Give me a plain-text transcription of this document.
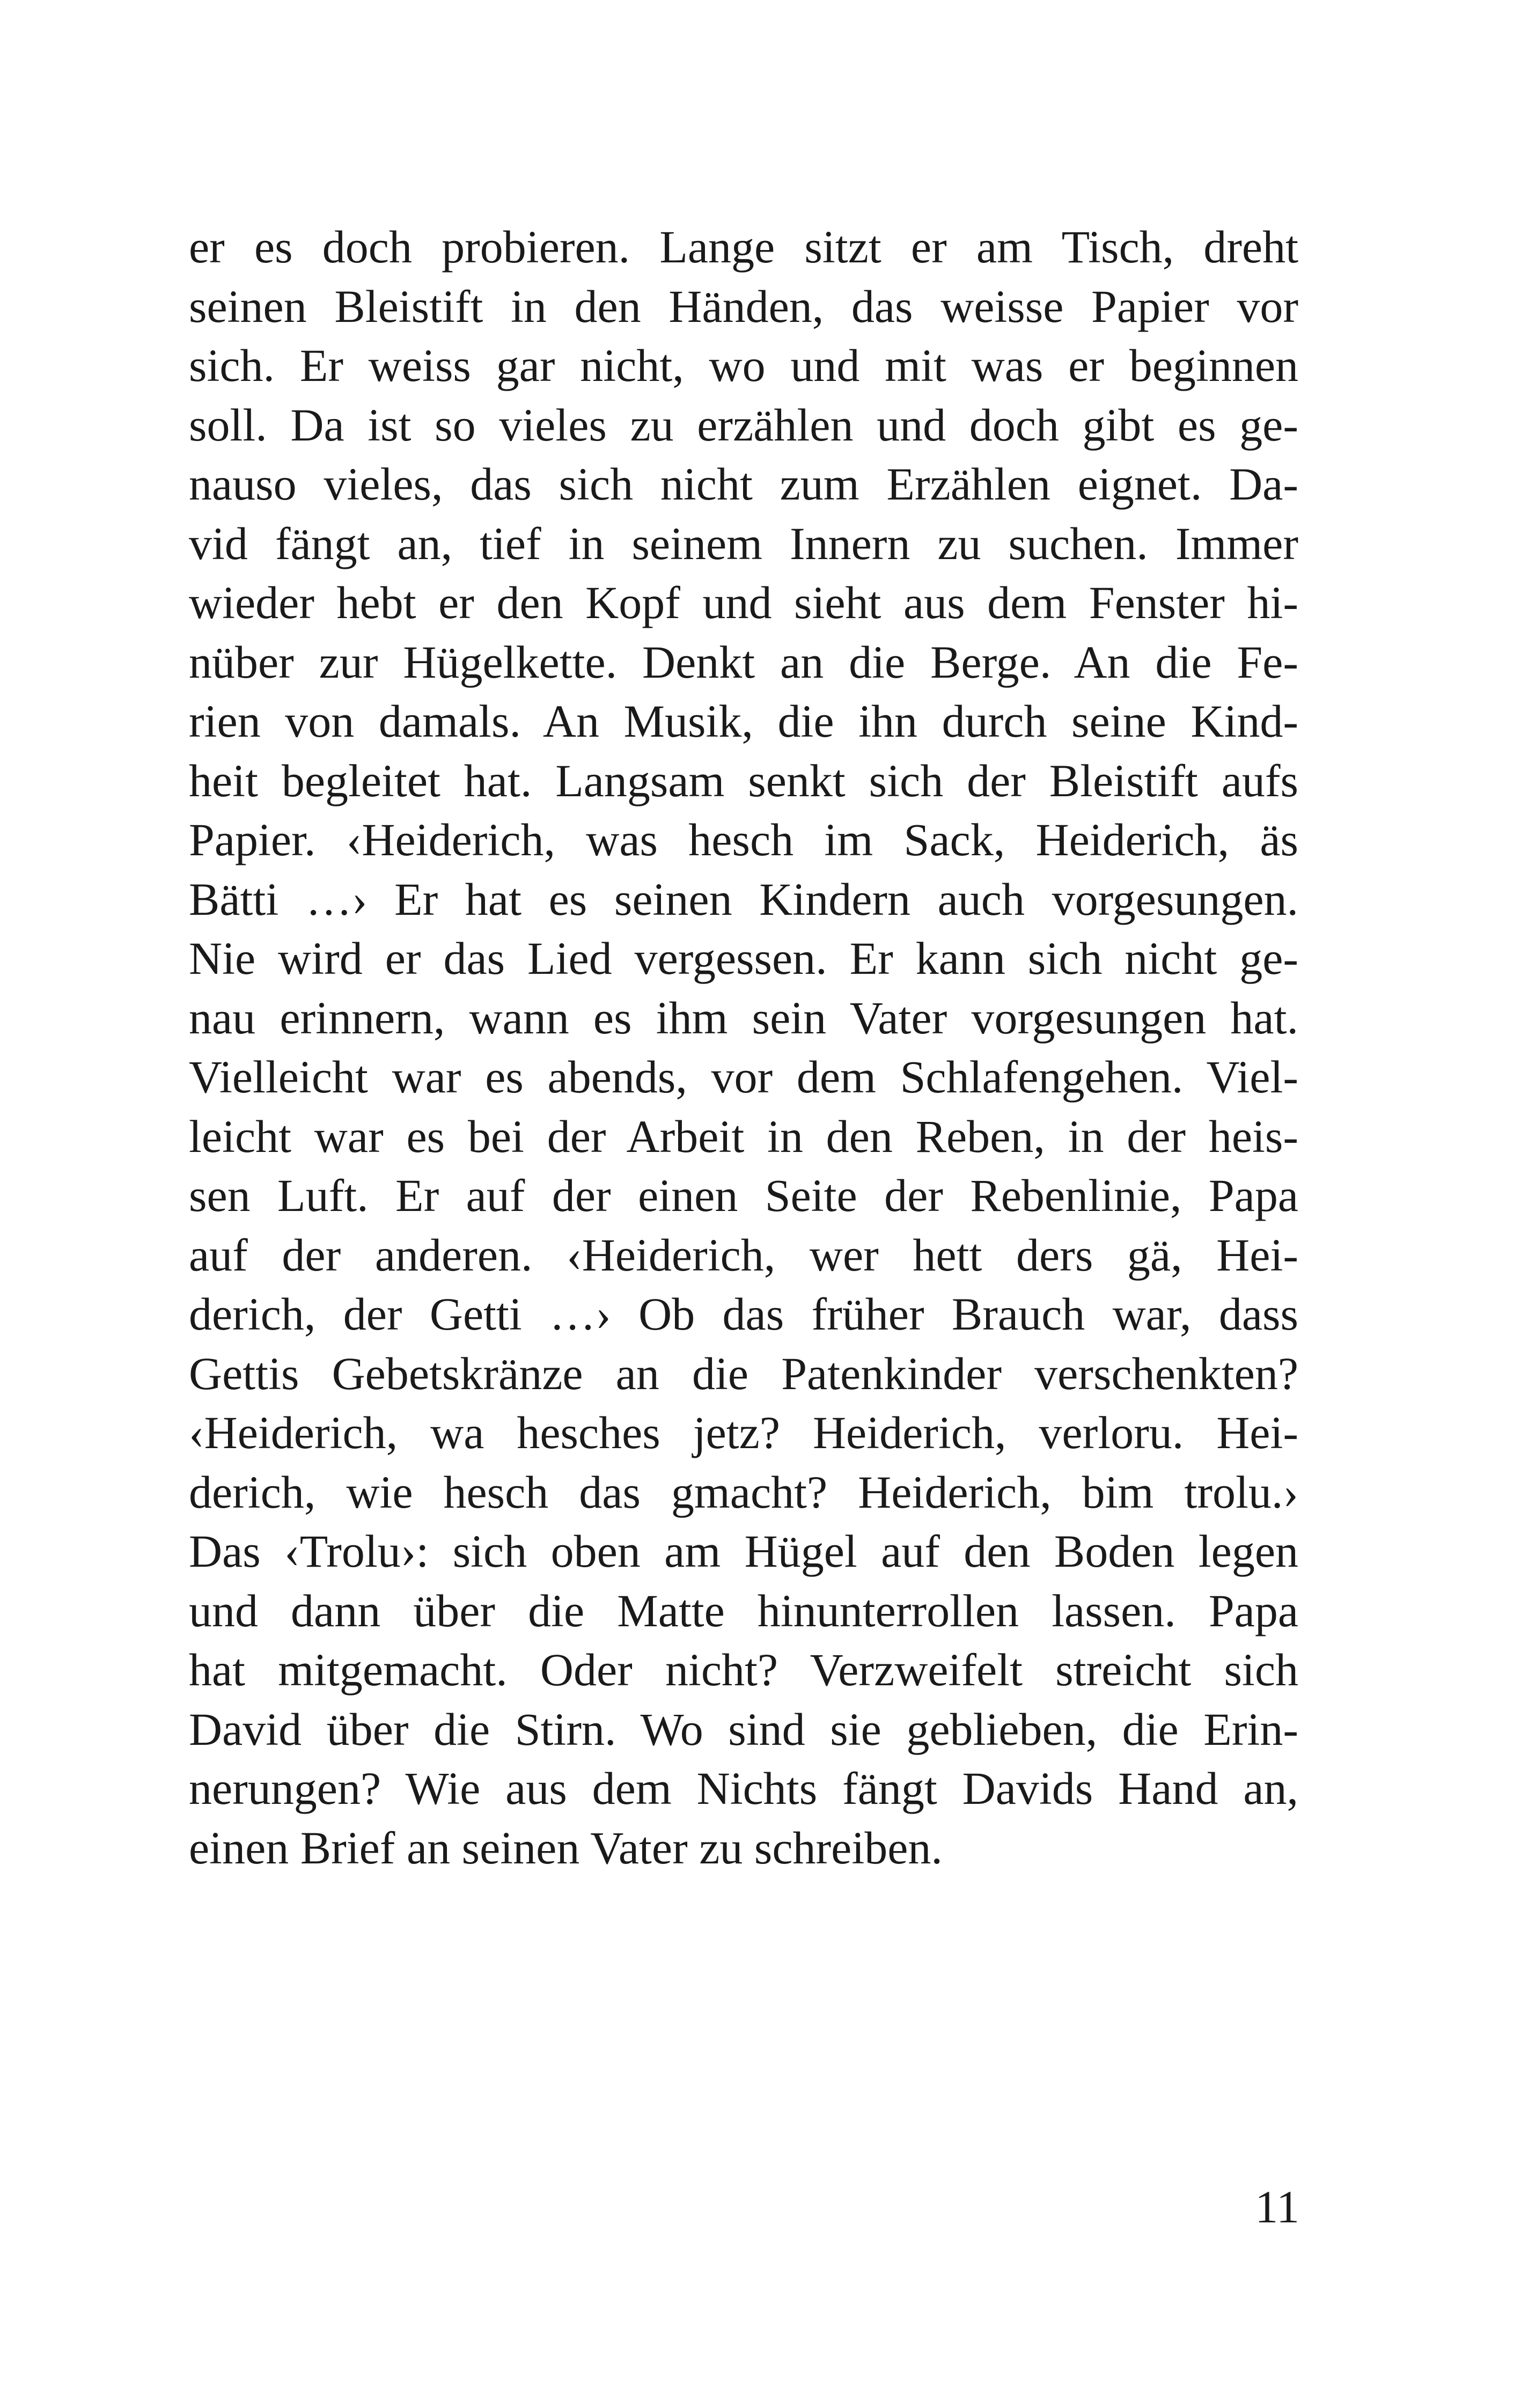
er es doch probieren. Lange sitzt er am Tisch, dreht
seinen Bleistift in den Händen, das weisse Papier vor
sich. Er weiss gar nicht, wo und mit was er beginnen
soll. Da ist so vieles zu erzählen und doch gibt es ge-
nauso vieles, das sich nicht zum Erzählen eignet. Da-
vid fängt an, tief in seinem Innern zu suchen. Immer
wieder hebt er den Kopf und sieht aus dem Fenster hi-
nüber zur Hügelkette. Denkt an die Berge. An die Fe-
rien von damals. An Musik, die ihn durch seine Kind-
heit begleitet hat. Langsam senkt sich der Bleistift aufs
Papier. ‹Heiderich, was hesch im Sack, Heiderich, äs
Bätti …› Er hat es seinen Kindern auch vorgesungen.
Nie wird er das Lied vergessen. Er kann sich nicht ge-
nau erinnern, wann es ihm sein Vater vorgesungen hat.
Vielleicht war es abends, vor dem Schlafengehen. Viel-
leicht war es bei der Arbeit in den Reben, in der heis-
sen Luft. Er auf der einen Seite der Rebenlinie, Papa
auf der anderen. ‹Heiderich, wer hett ders gä, Hei-
derich, der Getti …› Ob das früher Brauch war, dass
Gettis Gebetskränze an die Patenkinder verschenkten?
‹Heiderich, wa hesches jetz? Heiderich, verloru. Hei-
derich, wie hesch das gmacht? Heiderich, bim trolu.›
Das ‹Trolu›: sich oben am Hügel auf den Boden legen
und dann über die Matte hinunterrollen lassen. Papa
hat mitgemacht. Oder nicht? Verzweifelt streicht sich
David über die Stirn. Wo sind sie geblieben, die Erin-
nerungen? Wie aus dem Nichts fängt Davids Hand an,
einen Brief an seinen Vater zu schreiben.
11
